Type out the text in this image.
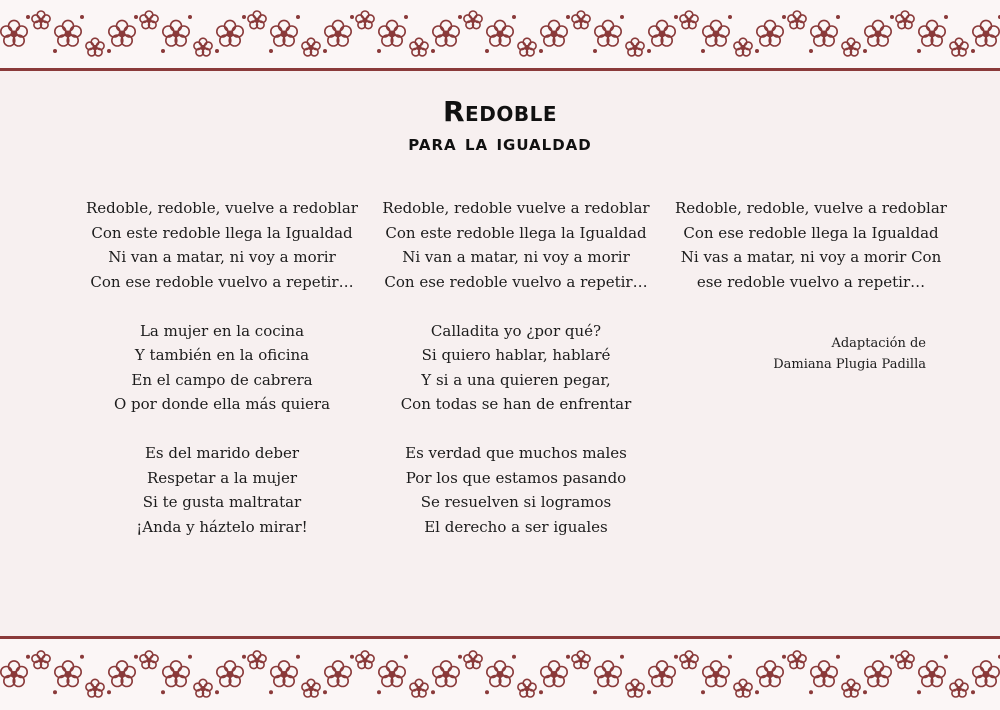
Redoble
para la igualdad
Redoble, redoble, vuelve a redoblar
Con este redoble llega la Igualdad
Ni van a matar, ni voy a morir
Con ese redoble vuelvo a repetir…
La mujer en la cocina
Y también en la oficina
En el campo de cabrera
O por donde ella más quiera
Es del marido deber
Respetar a la mujer
Si te gusta maltratar
¡Anda y háztelo mirar!
Redoble, redoble vuelve a redoblar
Con este redoble llega la Igualdad
Ni van a matar, ni voy a morir
Con ese redoble vuelvo a repetir…
Calladita yo ¿por qué?
Si quiero hablar, hablaré
Y si a una quieren pegar,
Con todas se han de enfrentar
Es verdad que muchos males
Por los que estamos pasando
Se resuelven si logramos
El derecho a ser iguales
Redoble, redoble, vuelve a redoblar
Con ese redoble llega la Igualdad
Ni vas a matar, ni voy a morir Con
ese redoble vuelvo a repetir…
Adaptación de
Damiana Plugia Padilla
